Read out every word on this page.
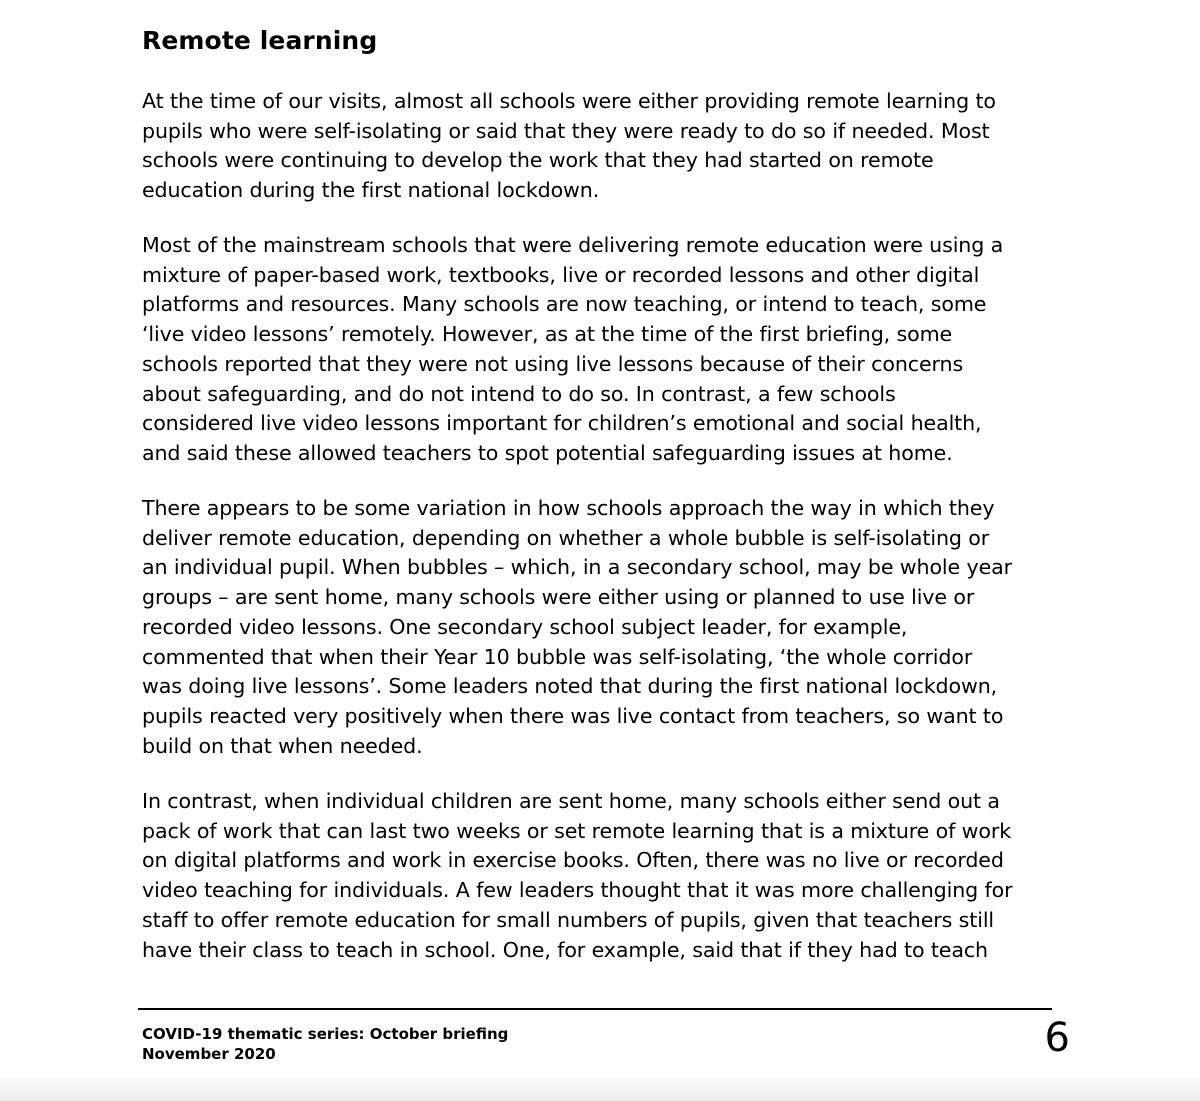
Remote learning
At the time of our visits, almost all schools were either providing remote learning to
pupils who were self-isolating or said that they were ready to do so if needed. Most
schools were continuing to develop the work that they had started on remote
education during the first national lockdown.
Most of the mainstream schools that were delivering remote education were using a
mixture of paper-based work, textbooks, live or recorded lessons and other digital
platforms and resources. Many schools are now teaching, or intend to teach, some
‘live video lessons’ remotely. However, as at the time of the first briefing, some
schools reported that they were not using live lessons because of their concerns
about safeguarding, and do not intend to do so. In contrast, a few schools
considered live video lessons important for children’s emotional and social health,
and said these allowed teachers to spot potential safeguarding issues at home.
There appears to be some variation in how schools approach the way in which they
deliver remote education, depending on whether a whole bubble is self-isolating or
an individual pupil. When bubbles – which, in a secondary school, may be whole year
groups – are sent home, many schools were either using or planned to use live or
recorded video lessons. One secondary school subject leader, for example,
commented that when their Year 10 bubble was self-isolating, ‘the whole corridor
was doing live lessons’. Some leaders noted that during the first national lockdown,
pupils reacted very positively when there was live contact from teachers, so want to
build on that when needed.
In contrast, when individual children are sent home, many schools either send out a
pack of work that can last two weeks or set remote learning that is a mixture of work
on digital platforms and work in exercise books. Often, there was no live or recorded
video teaching for individuals. A few leaders thought that it was more challenging for
staff to offer remote education for small numbers of pupils, given that teachers still
have their class to teach in school. One, for example, said that if they had to teach
COVID-19 thematic series: October briefing
November 2020	6
